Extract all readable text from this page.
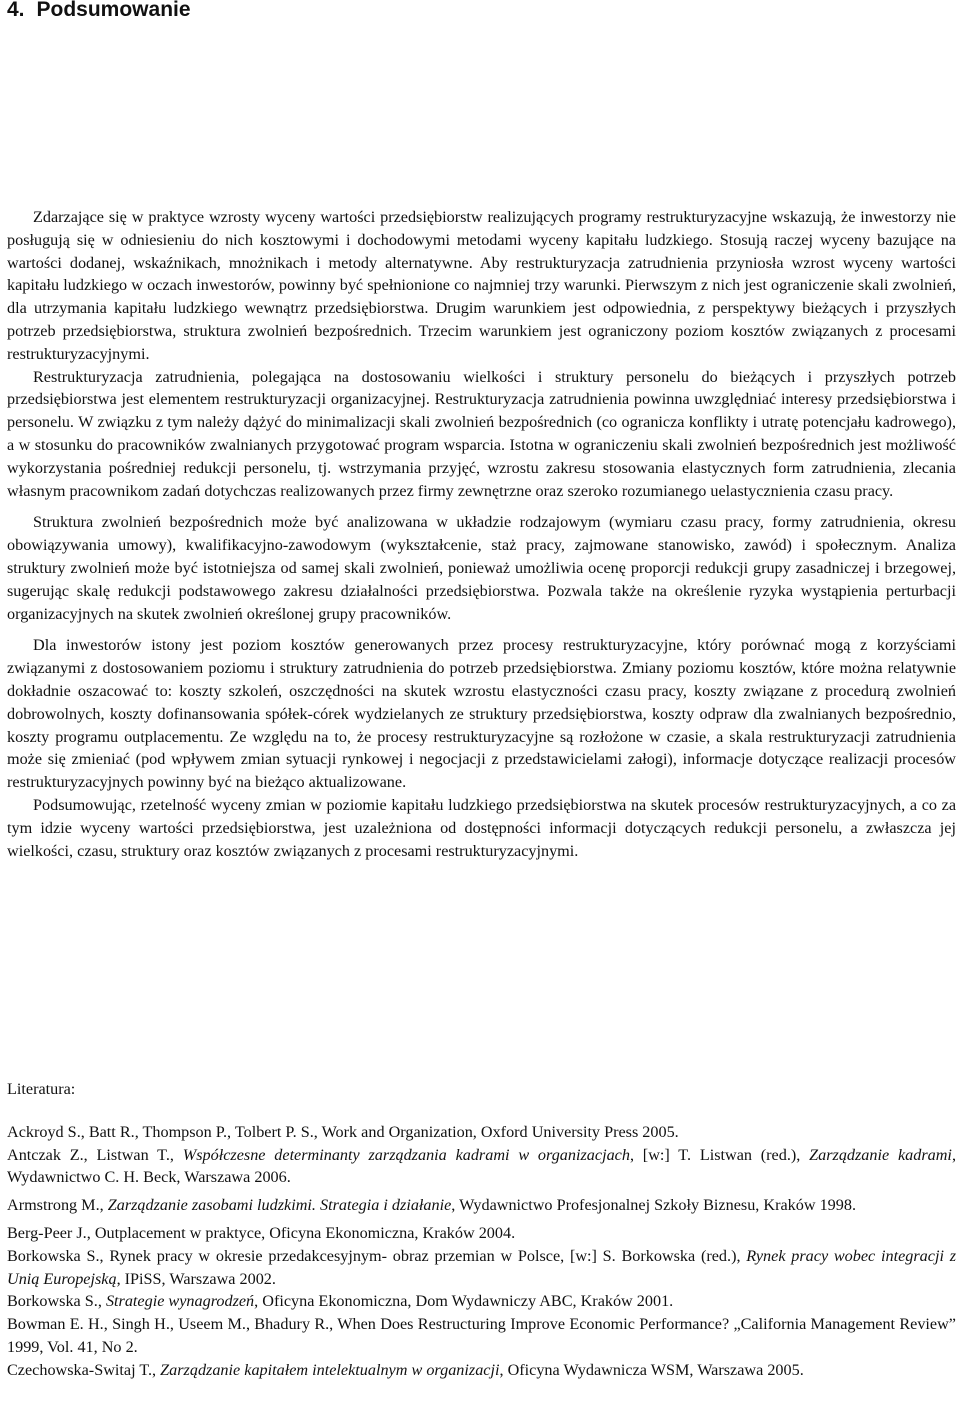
4. Podsumowanie

Zdarzające się w praktyce wzrosty wyceny wartości przedsiębiorstw realizujących programy restrukturyzacyjne wskazują, że inwestorzy nie posługują się w odniesieniu do nich kosztowymi i dochodowymi metodami wyceny kapitału ludzkiego. Stosują raczej wyceny bazujące na wartości dodanej, wskaźnikach, mnożnikach i metody alternatywne. Aby restrukturyzacja zatrudnienia przyniosła wzrost wyceny wartości kapitału ludzkiego w oczach inwestorów, powinny być spełnionione co najmniej trzy warunki. Pierwszym z nich jest ograniczenie skali zwolnień, dla utrzymania kapitału ludzkiego wewnątrz przedsiębiorstwa. Drugim warunkiem jest odpowiednia, z perspektywy bieżących i przyszłych potrzeb przedsiębiorstwa, struktura zwolnień bezpośrednich. Trzecim warunkiem jest ograniczony poziom kosztów związanych z procesami restrukturyzacyjnymi.

Restrukturyzacja zatrudnienia, polegająca na dostosowaniu wielkości i struktury personelu do bieżących i przyszłych potrzeb przedsiębiorstwa jest elementem restrukturyzacji organizacyjnej. Restrukturyzacja zatrudnienia powinna uwzględniać interesy przedsiębiorstwa i personelu. W związku z tym należy dążyć do minimalizacji skali zwolnień bezpośrednich (co ogranicza konflikty i utratę potencjału kadrowego), a w stosunku do pracowników zwalnianych przygotować program wsparcia. Istotna w ograniczeniu skali zwolnień bezpośrednich jest możliwość wykorzystania pośredniej redukcji personelu, tj. wstrzymania przyjęć, wzrostu zakresu stosowania elastycznych form zatrudnienia, zlecania własnym pracownikom zadań dotychczas realizowanych przez firmy zewnętrzne oraz szeroko rozumianego uelastycznienia czasu pracy.

Struktura zwolnień bezpośrednich może być analizowana w układzie rodzajowym (wymiaru czasu pracy, formy zatrudnienia, okresu obowiązywania umowy), kwalifikacyjno-zawodowym (wykształcenie, staż pracy, zajmowane stanowisko, zawód) i społecznym. Analiza struktury zwolnień może być istotniejsza od samej skali zwolnień, ponieważ umożliwia ocenę proporcji redukcji grupy zasadniczej i brzegowej, sugerując skalę redukcji podstawowego zakresu działalności przedsiębiorstwa. Pozwala także na określenie ryzyka wystąpienia perturbacji organizacyjnych na skutek zwolnień określonej grupy pracowników.

Dla inwestorów istony jest poziom kosztów generowanych przez procesy restrukturyzacyjne, który porównać mogą z korzyściami związanymi z dostosowaniem poziomu i struktury zatrudnienia do potrzeb przedsiębiorstwa. Zmiany poziomu kosztów, które można relatywnie dokładnie oszacować to: koszty szkoleń, oszczędności na skutek wzrostu elastyczności czasu pracy, koszty związane z procedurą zwolnień dobrowolnych, koszty dofinansowania spółek-córek wydzielanych ze struktury przedsiębiorstwa, koszty odpraw dla zwalnianych bezpośrednio, koszty programu outplacementu. Ze względu na to, że procesy restrukturyzacyjne są rozłożone w czasie, a skala restrukturyzacji zatrudnienia może się zmieniać (pod wpływem zmian sytuacji rynkowej i negocjacji z przedstawicielami załogi), informacje dotyczące realizacji procesów restrukturyzacyjnych powinny być na bieżąco aktualizowane.

Podsumowując, rzetelność wyceny zmian w poziomie kapitału ludzkiego przedsiębiorstwa na skutek procesów restrukturyzacyjnych, a co za tym idzie wyceny wartości przedsiębiorstwa, jest uzależniona od dostępności informacji dotyczących redukcji personelu, a zwłaszcza jej wielkości, czasu, struktury oraz kosztów związanych z procesami restrukturyzacyjnymi.

Literatura:

Ackroyd S., Batt R., Thompson P., Tolbert P. S., Work and Organization, Oxford University Press 2005.

Antczak Z., Listwan T., Współczesne determinanty zarządzania kadrami w organizacjach, [w:] T. Listwan (red.), Zarządzanie kadrami, Wydawnictwo C. H. Beck, Warszawa 2006.

Armstrong M., Zarządzanie zasobami ludzkimi. Strategia i działanie, Wydawnictwo Profesjonalnej Szkoły Biznesu, Kraków 1998.

Berg-Peer J., Outplacement w praktyce, Oficyna Ekonomiczna, Kraków 2004.

Borkowska S., Rynek pracy w okresie przedakcesyjnym- obraz przemian w Polsce, [w:] S. Borkowska (red.), Rynek pracy wobec integracji z Unią Europejską, IPiSS, Warszawa 2002.

Borkowska S., Strategie wynagrodzeń, Oficyna Ekonomiczna, Dom Wydawniczy ABC, Kraków 2001.

Bowman E. H., Singh H., Useem M., Bhadury R., When Does Restructuring Improve Economic Performance? „California Management Review” 1999, Vol. 41, No 2.

Czechowska-Switaj T., Zarządzanie kapitałem intelektualnym w organizacji, Oficyna Wydawnicza WSM, Warszawa 2005.
